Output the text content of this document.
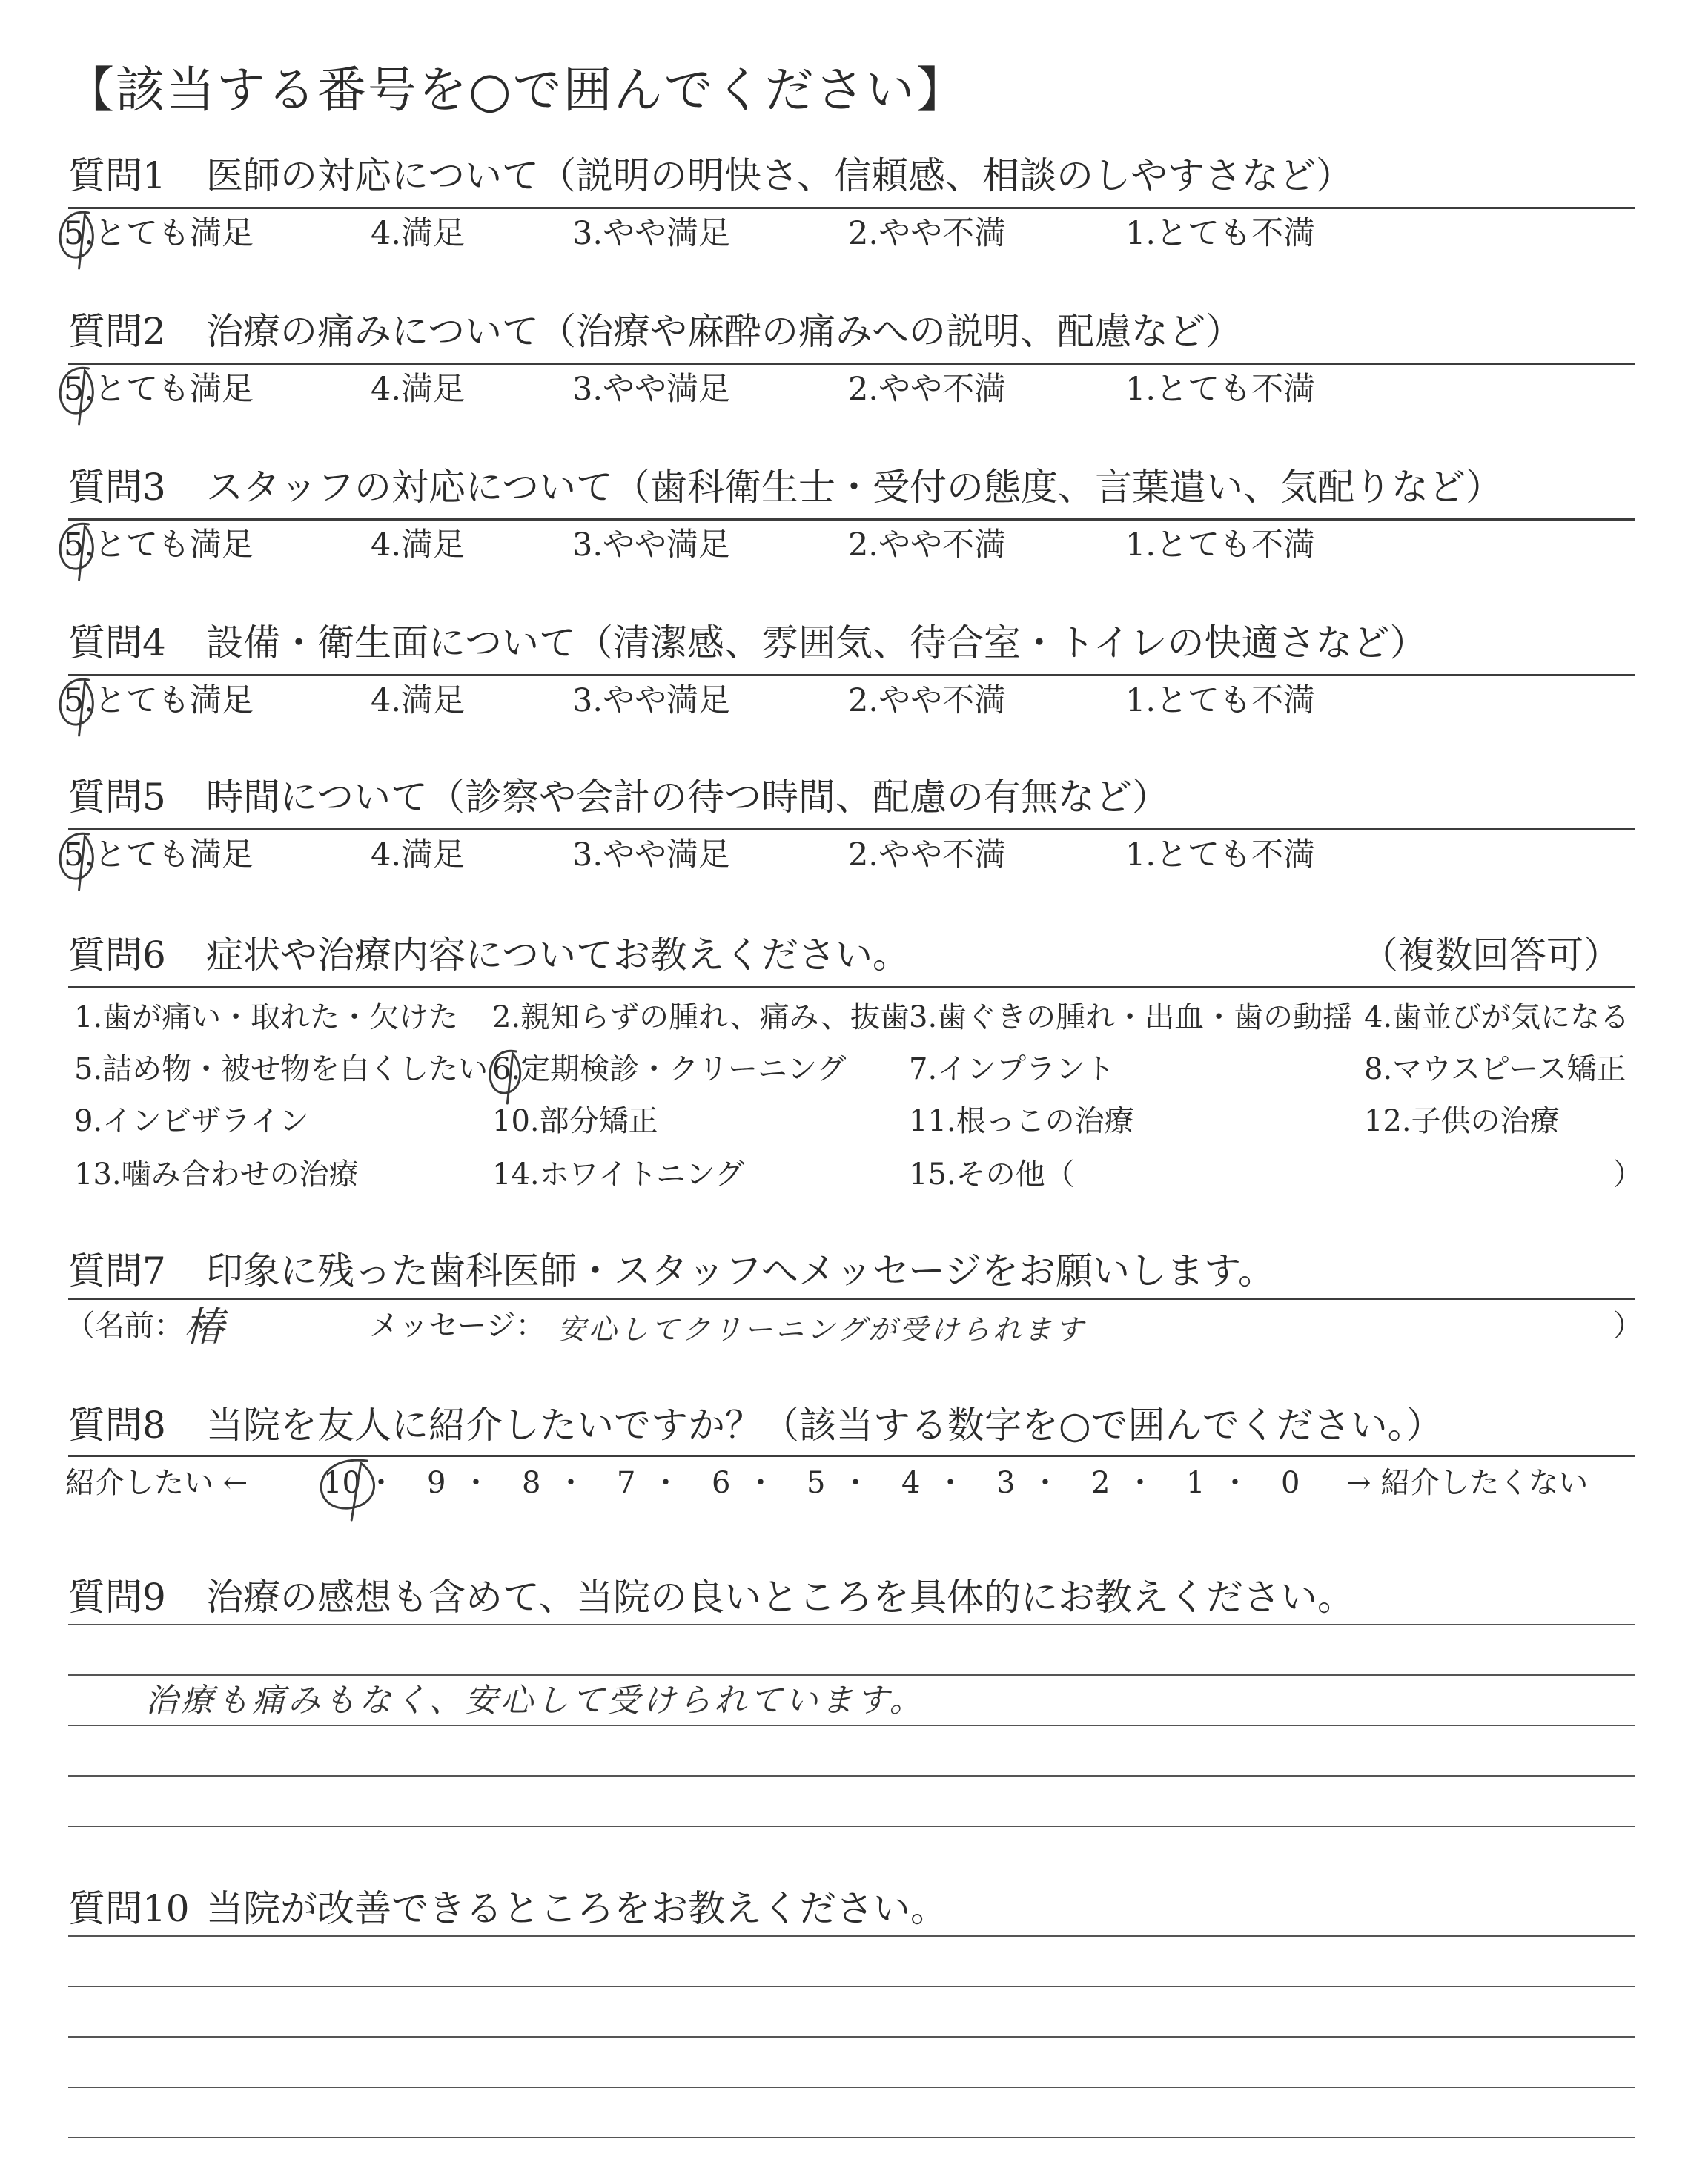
【該当する番号を○で囲んでください】
質問1 医師の対応について（説明の明快さ、信頼感、相談のしやすさなど）
5.とても満足	4.満足	3.やや満足	2.やや不満	1.とても不満
質問2 治療の痛みについて（治療や麻酔の痛みへの説明、配慮など）
5.とても満足	4.満足	3.やや満足	2.やや不満	1.とても不満
質問3 スタッフの対応について（歯科衛生士・受付の態度、言葉遣い、気配りなど）
5.とても満足	4.満足	3.やや満足	2.やや不満	1.とても不満
質問4 設備・衛生面について（清潔感、雰囲気、待合室・トイレの快適さなど）
5.とても満足	4.満足	3.やや満足	2.やや不満	1.とても不満
質問5 時間について（診察や会計の待つ時間、配慮の有無など）
5.とても満足	4.満足	3.やや満足	2.やや不満	1.とても不満
質問6 症状や治療内容についてお教えください。	（複数回答可）
1.歯が痛い・取れた・欠けた 2.親知らずの腫れ、痛み、抜歯 3.歯ぐきの腫れ・出血・歯の動揺 4.歯並びが気になる
5.詰め物・被せ物を白くしたい 6.定期検診・クリーニング 7.インプラント	8.マウスピース矯正
9.インビザライン	10.部分矯正	11.根っこの治療	12.子供の治療
13.噛み合わせの治療	14.ホワイトニング	15.その他（	）
質問7 印象に残った歯科医師・スタッフへメッセージをお願いします。
（名前： 椿	メッセージ： 安心してクリーニングが受けられます	）
質問8 当院を友人に紹介したいですか？（該当する数字を○で囲んでください。）
紹介したい ←	10 ・ 9 ・ 8 ・ 7 ・ 6 ・ 5 ・ 4 ・ 3 ・ 2 ・ 1 ・ 0 → 紹介したくない
質問9 治療の感想も含めて、当院の良いところを具体的にお教えください。
治療も痛みもなく、安心して受けられています。
質問10 当院が改善できるところをお教えください。
